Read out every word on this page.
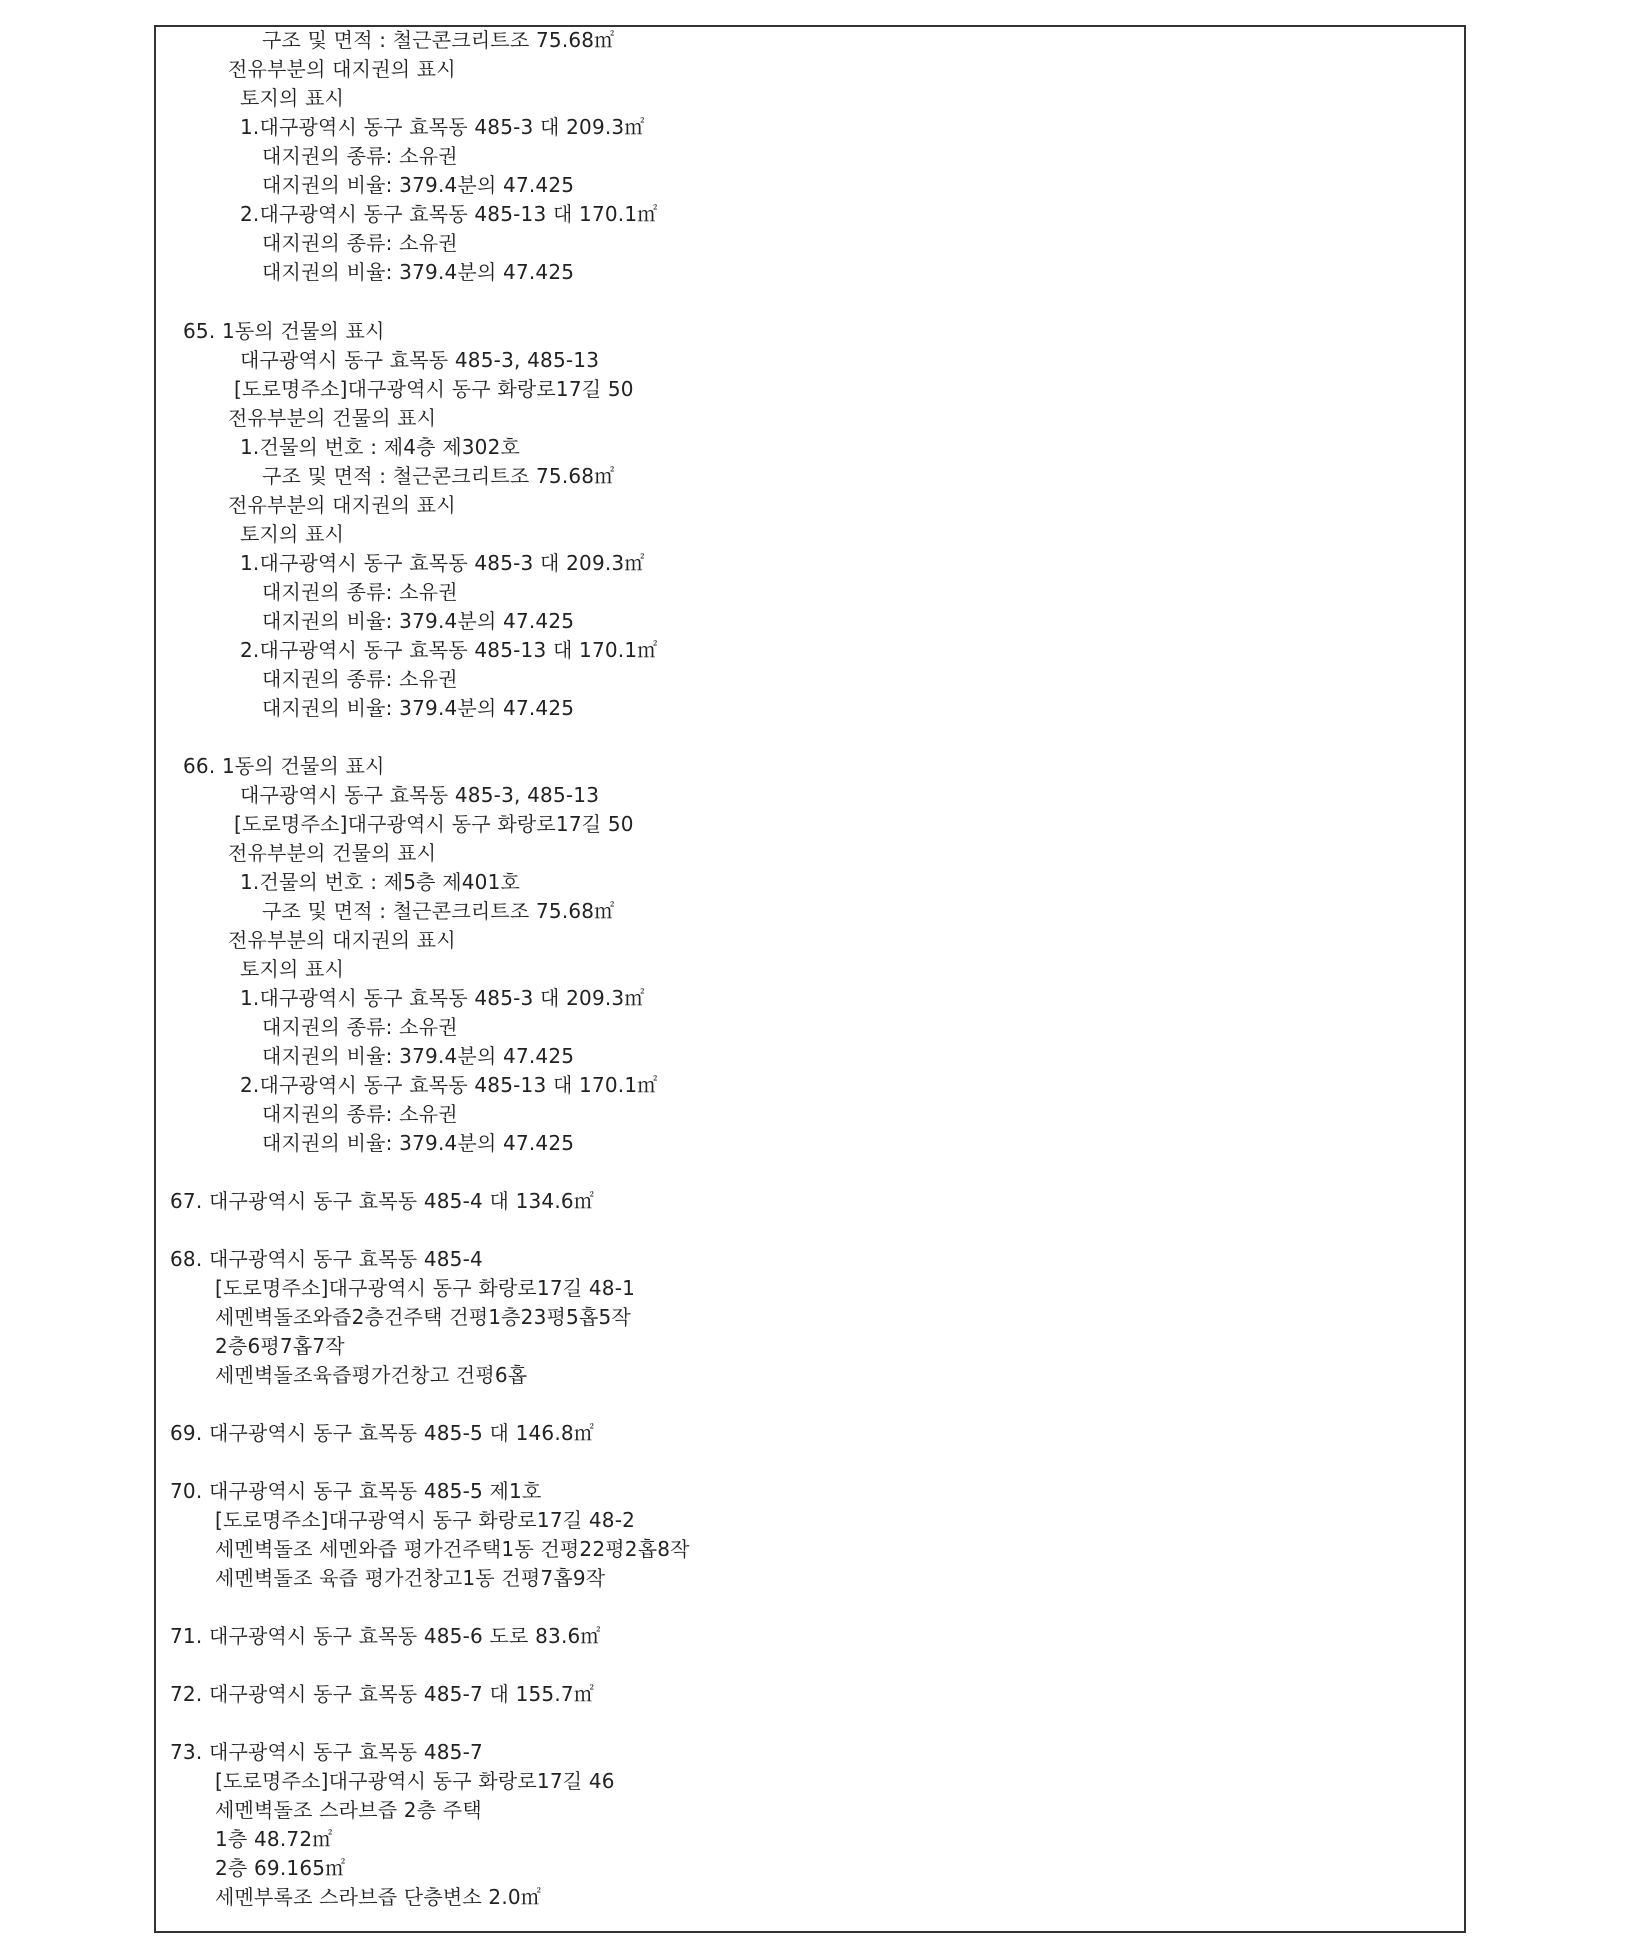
구조 및 면적 : 철근콘크리트조 75.68㎡
전유부분의 대지권의 표시
토지의 표시
1.대구광역시 동구 효목동 485-3 대 209.3㎡
대지권의 종류: 소유권
대지권의 비율: 379.4분의 47.425
2.대구광역시 동구 효목동 485-13 대 170.1㎡
대지권의 종류: 소유권
대지권의 비율: 379.4분의 47.425
65. 1동의 건물의 표시
대구광역시 동구 효목동 485-3, 485-13
[도로명주소]대구광역시 동구 화랑로17길 50
전유부분의 건물의 표시
1.건물의 번호 : 제4층 제302호
구조 및 면적 : 철근콘크리트조 75.68㎡
전유부분의 대지권의 표시
토지의 표시
1.대구광역시 동구 효목동 485-3 대 209.3㎡
대지권의 종류: 소유권
대지권의 비율: 379.4분의 47.425
2.대구광역시 동구 효목동 485-13 대 170.1㎡
대지권의 종류: 소유권
대지권의 비율: 379.4분의 47.425
66. 1동의 건물의 표시
대구광역시 동구 효목동 485-3, 485-13
[도로명주소]대구광역시 동구 화랑로17길 50
전유부분의 건물의 표시
1.건물의 번호 : 제5층 제401호
구조 및 면적 : 철근콘크리트조 75.68㎡
전유부분의 대지권의 표시
토지의 표시
1.대구광역시 동구 효목동 485-3 대 209.3㎡
대지권의 종류: 소유권
대지권의 비율: 379.4분의 47.425
2.대구광역시 동구 효목동 485-13 대 170.1㎡
대지권의 종류: 소유권
대지권의 비율: 379.4분의 47.425
67. 대구광역시 동구 효목동 485-4 대 134.6㎡
68. 대구광역시 동구 효목동 485-4
[도로명주소]대구광역시 동구 화랑로17길 48-1
세멘벽돌조와즙2층건주택 건평1층23평5홉5작
2층6평7홉7작
세멘벽돌조육즙평가건창고 건평6홉
69. 대구광역시 동구 효목동 485-5 대 146.8㎡
70. 대구광역시 동구 효목동 485-5 제1호
[도로명주소]대구광역시 동구 화랑로17길 48-2
세멘벽돌조 세멘와즙 평가건주택1동 건평22평2홉8작
세멘벽돌조 육즙 평가건창고1동 건평7홉9작
71. 대구광역시 동구 효목동 485-6 도로 83.6㎡
72. 대구광역시 동구 효목동 485-7 대 155.7㎡
73. 대구광역시 동구 효목동 485-7
[도로명주소]대구광역시 동구 화랑로17길 46
세멘벽돌조 스라브즙 2층 주택
1층 48.72㎡
2층 69.165㎡
세멘부록조 스라브즙 단층변소 2.0㎡
